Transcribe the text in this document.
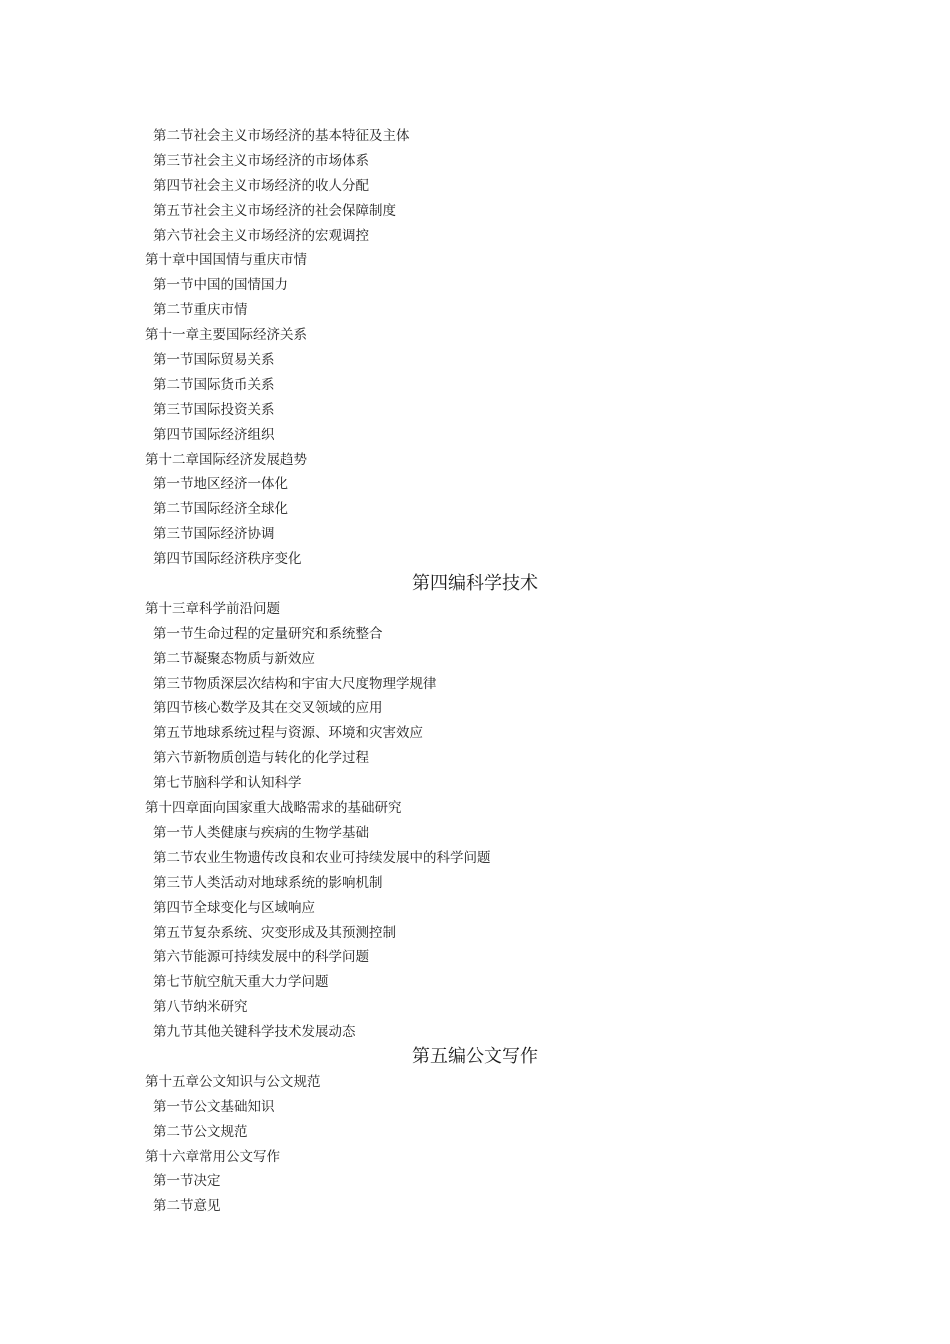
第二节社会主义市场经济的基本特征及主体
第三节社会主义市场经济的市场体系
第四节社会主义市场经济的收人分配
第五节社会主义市场经济的社会保障制度
第六节社会主义市场经济的宏观调控
第十章中国国情与重庆市情
第一节中国的国情国力
第二节重庆市情
第十一章主要国际经济关系
第一节国际贸易关系
第二节国际货币关系
第三节国际投资关系
第四节国际经济组织
第十二章国际经济发展趋势
第一节地区经济一体化
第二节国际经济全球化
第三节国际经济协调
第四节国际经济秩序变化
第四编科学技术
第十三章科学前沿问题
第一节生命过程的定量研究和系统整合
第二节凝聚态物质与新效应
第三节物质深层次结构和宇宙大尺度物理学规律
第四节核心数学及其在交叉领域的应用
第五节地球系统过程与资源、环境和灾害效应
第六节新物质创造与转化的化学过程
第七节脑科学和认知科学
第十四章面向国家重大战略需求的基础研究
第一节人类健康与疾病的生物学基础
第二节农业生物遗传改良和农业可持续发展中的科学问题
第三节人类活动对地球系统的影响机制
第四节全球变化与区域响应
第五节复杂系统、灾变形成及其预测控制
第六节能源可持续发展中的科学问题
第七节航空航天重大力学问题
第八节纳米研究
第九节其他关键科学技术发展动态
第五编公文写作
第十五章公文知识与公文规范
第一节公文基础知识
第二节公文规范
第十六章常用公文写作
第一节决定
第二节意见
